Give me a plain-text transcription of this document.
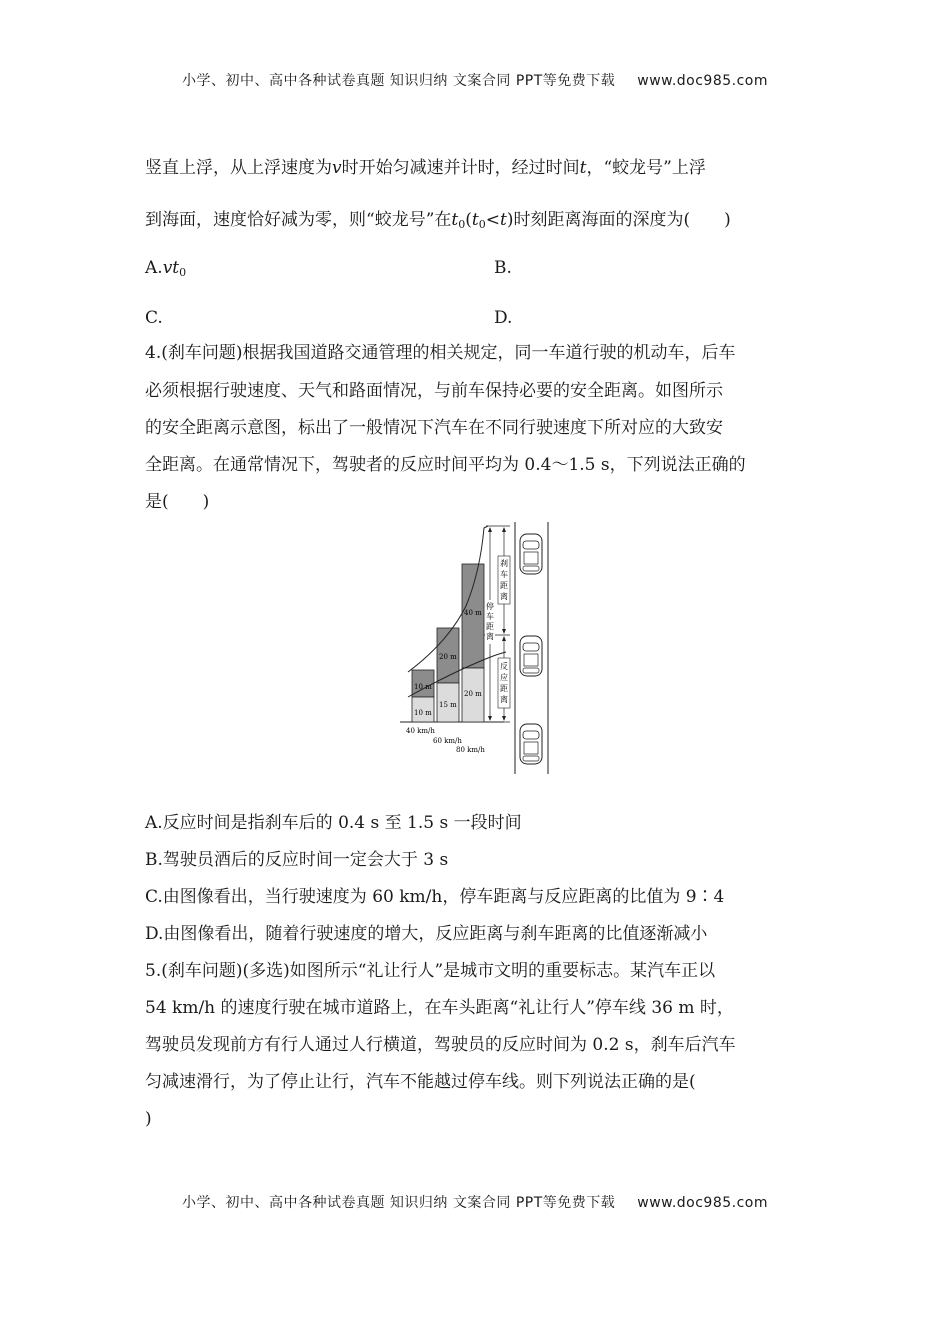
小学、初中、高中各种试卷真题 知识归纳 文案合同 PPT等免费下载 www.doc985.com
竖直上浮，从上浮速度为v时开始匀减速并计时，经过时间t，“蛟龙号”上浮
到海面，速度恰好减为零，则“蛟龙号”在$t_0(t_0<t)$时刻距离海面的深度为(　　)
$A.vt_0$	B.
C.	D.
4.(刹车问题)根据我国道路交通管理的相关规定，同一车道行驶的机动车，后车
必须根据行驶速度、天气和路面情况，与前车保持必要的安全距离。如图所示
的安全距离示意图，标出了一般情况下汽车在不同行驶速度下所对应的大致安
全距离。在通常情况下，驾驶者的反应时间平均为 0.4～1.5 s，下列说法正确的
是(　　)
10 m
10 m
20 m
15 m
40 m
20 m
40 km/h
60 km/h
80 km/h
停
车
距
离
刹
车
距
离
反
应
距
离
A.反应时间是指刹车后的 0.4 s 至 1.5 s 一段时间
B.驾驶员酒后的反应时间一定会大于 3 s
C.由图像看出，当行驶速度为 60 km/h，停车距离与反应距离的比值为 9∶4
D.由图像看出，随着行驶速度的增大，反应距离与刹车距离的比值逐渐减小
5.(刹车问题)(多选)如图所示“礼让行人”是城市文明的重要标志。某汽车正以
54 km/h 的速度行驶在城市道路上，在车头距离“礼让行人”停车线 36 m 时，
驾驶员发现前方有行人通过人行横道，驾驶员的反应时间为 0.2 s，刹车后汽车
匀减速滑行，为了停止让行，汽车不能越过停车线。则下列说法正确的是(
)
小学、初中、高中各种试卷真题 知识归纳 文案合同 PPT等免费下载 www.doc985.com
